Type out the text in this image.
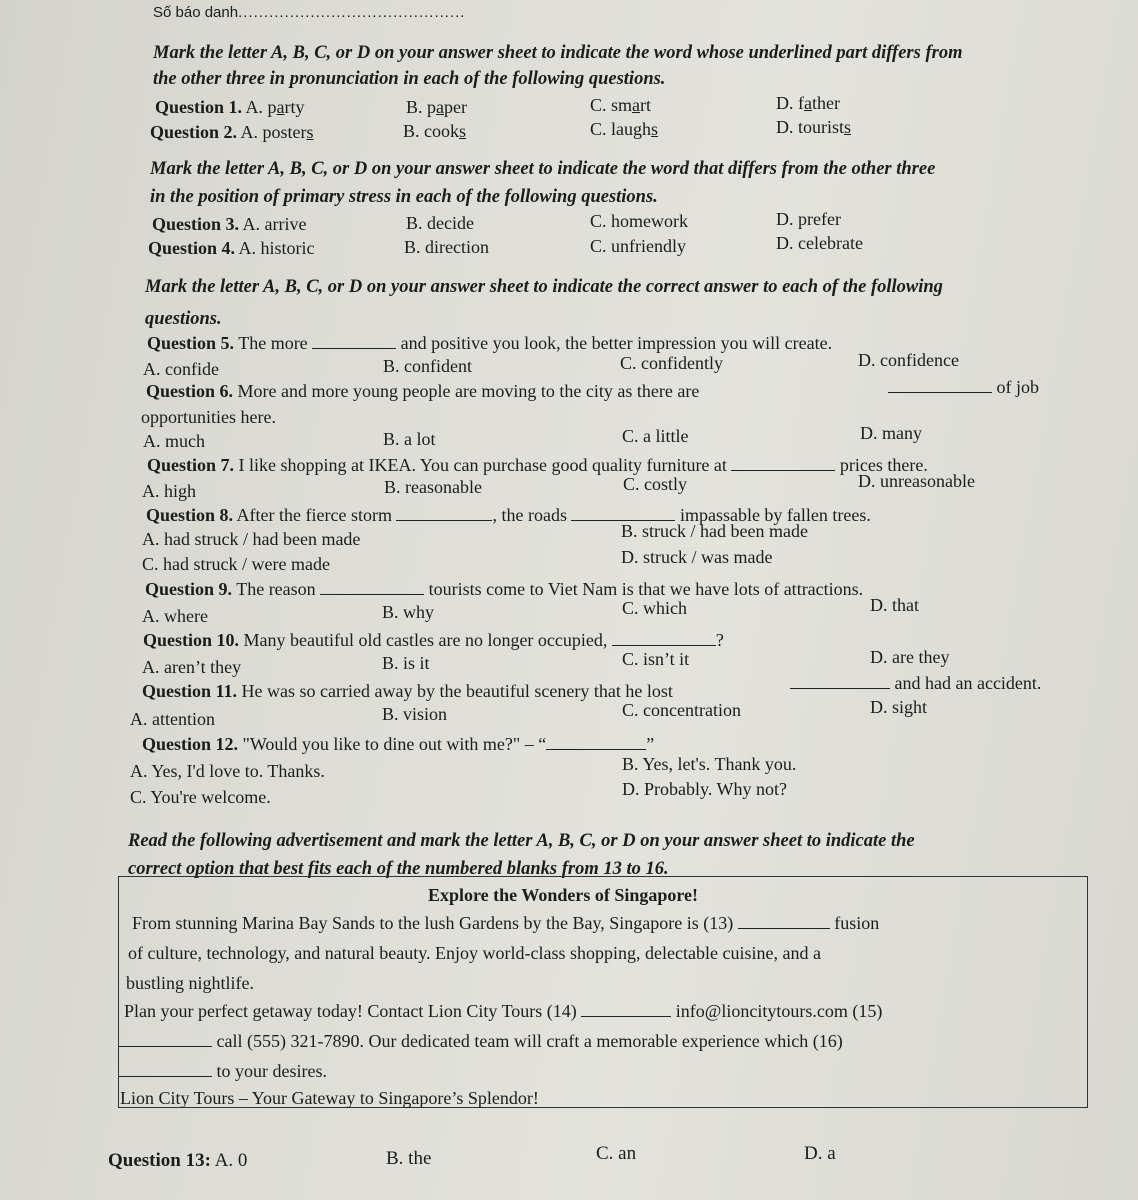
Số báo danh............................................
Mark the letter A, B, C, or D on your answer sheet to indicate the word whose underlined part differs from
the other three in pronunciation in each of the following questions.
Question 1. A. party	B. paper	C. smart	D. father
Question 2. A. posters	B. cooks	C. laughs	D. tourists
Mark the letter A, B, C, or D on your answer sheet to indicate the word that differs from the other three
in the position of primary stress in each of the following questions.
Question 3. A. arrive	B. decide	C. homework	D. prefer
Question 4. A. historic	B. direction	C. unfriendly	D. celebrate
Mark the letter A, B, C, or D on your answer sheet to indicate the correct answer to each of the following
questions.
Question 5. The more	and positive you look, the better impression you will create.
A. confide	B. confident	C. confidently	D. confidence
Question 6. More and more young people are moving to the city as there are	of job
opportunities here.
A. much	B. a lot	C. a little	D. many
Question 7. I like shopping at IKEA. You can purchase good quality furniture at	prices there.
A. high	B. reasonable	C. costly	D. unreasonable
Question 8. After the fierce storm	, the roads	impassable by fallen trees.
A. had struck / had been made	B. struck / had been made
C. had struck / were made	D. struck / was made
Question 9. The reason	tourists come to Viet Nam is that we have lots of attractions.
A. where	B. why	C. which	D. that
Question 10. Many beautiful old castles are no longer occupied,	?
A. aren’t they	B. is it	C. isn’t it	D. are they
Question 11. He was so carried away by the beautiful scenery that he lost	and had an accident.
A. attention	B. vision	C. concentration	D. sight
Question 12. "Would you like to dine out with me?" – “	”
A. Yes, I'd love to. Thanks.	B. Yes, let's. Thank you.
C. You're welcome.	D. Probably. Why not?
Read the following advertisement and mark the letter A, B, C, or D on your answer sheet to indicate the
correct option that best fits each of the numbered blanks from 13 to 16.
Explore the Wonders of Singapore!
From stunning Marina Bay Sands to the lush Gardens by the Bay, Singapore is (13)	fusion
of culture, technology, and natural beauty. Enjoy world-class shopping, delectable cuisine, and a
bustling nightlife.
Plan your perfect getaway today! Contact Lion City Tours (14)	info@lioncitytours.com (15)
call (555) 321-7890. Our dedicated team will craft a memorable experience which (16)
to your desires.
Lion City Tours – Your Gateway to Singapore’s Splendor!
Question 13: A. 0	B. the	C. an	D. a
